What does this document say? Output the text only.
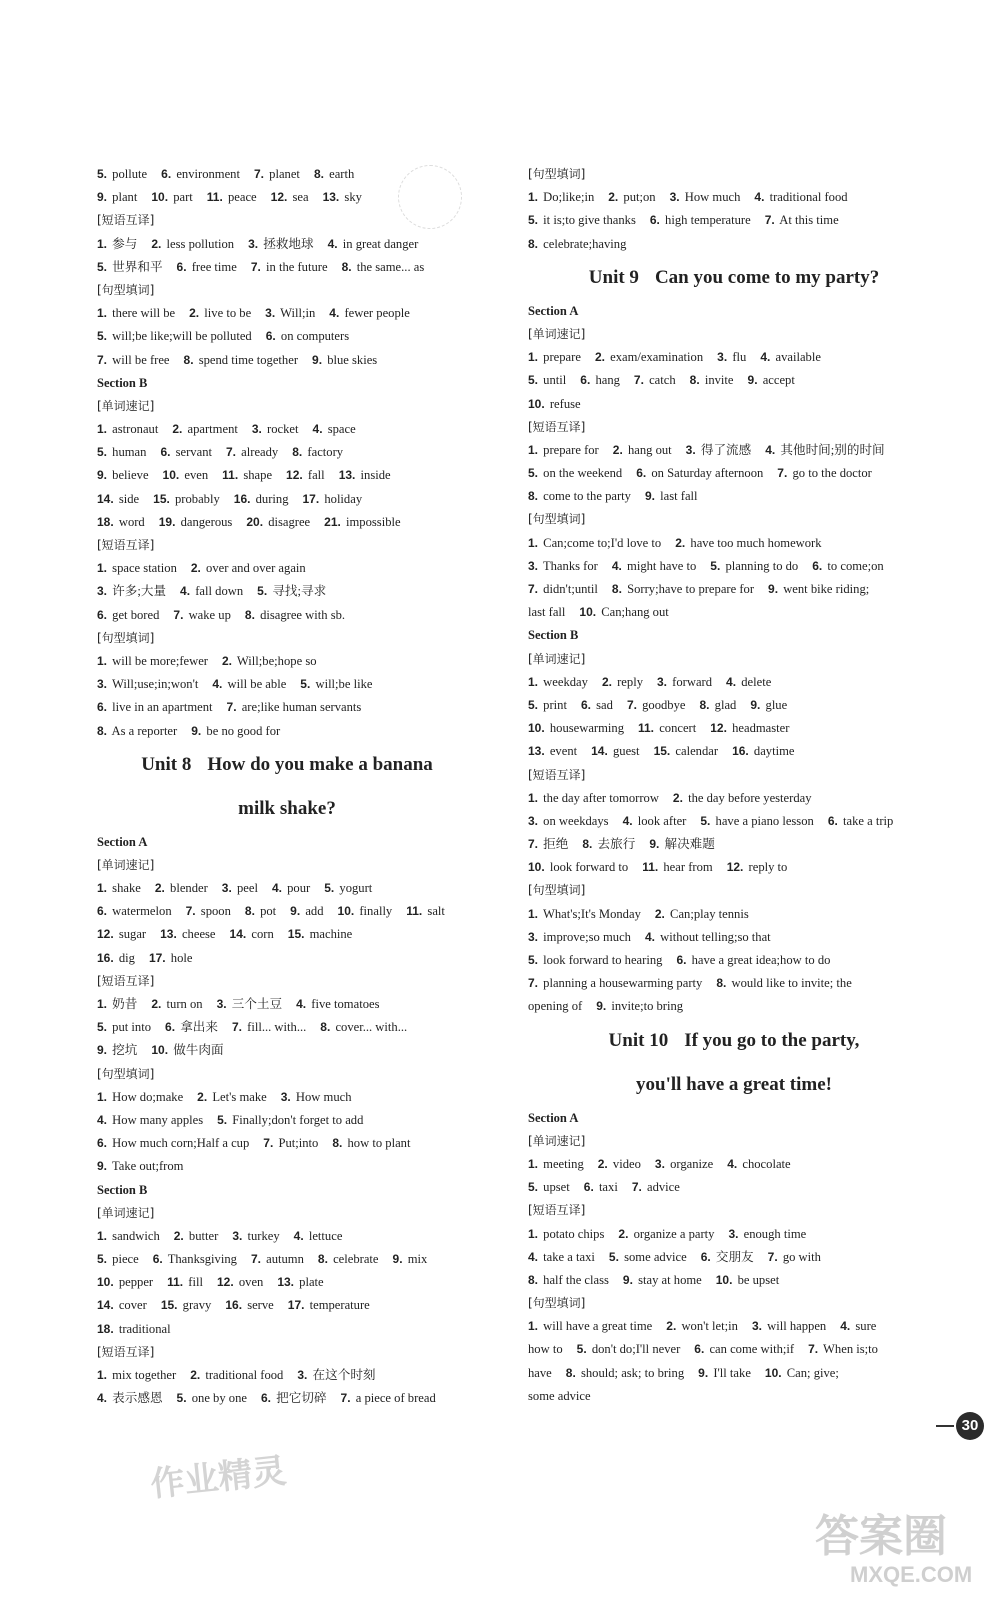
5. pollute 6. environment 7. planet 8. earth
9. plant 10. part 11. peace 12. sea 13. sky
[短语互译]
1. 参与 2. less pollution 3. 拯救地球 4. in great danger
5. 世界和平 6. free time 7. in the future 8. the same... as
[句型填词]
1. there will be 2. live to be 3. Will;in 4. fewer people
5. will;be like;will be polluted 6. on computers
7. will be free 8. spend time together 9. blue skies
Section B
[单词速记]
1. astronaut 2. apartment 3. rocket 4. space
5. human 6. servant 7. already 8. factory
9. believe 10. even 11. shape 12. fall 13. inside
14. side 15. probably 16. during 17. holiday
18. word 19. dangerous 20. disagree 21. impossible
[短语互译]
1. space station 2. over and over again
3. 许多;大量 4. fall down 5. 寻找;寻求
6. get bored 7. wake up 8. disagree with sb.
[句型填词]
1. will be more;fewer 2. Will;be;hope so
3. Will;use;in;won't 4. will be able 5. will;be like
6. live in an apartment 7. are;like human servants
8. As a reporter 9. be no good for
Unit 8 How do you make a banana
milk shake?
Section A
[单词速记]
1. shake 2. blender 3. peel 4. pour 5. yogurt
6. watermelon 7. spoon 8. pot 9. add 10. finally 11. salt
12. sugar 13. cheese 14. corn 15. machine
16. dig 17. hole
[短语互译]
1. 奶昔 2. turn on 3. 三个土豆 4. five tomatoes
5. put into 6. 拿出来 7. fill... with... 8. cover... with...
9. 挖坑 10. 做牛肉面
[句型填词]
1. How do;make 2. Let's make 3. How much
4. How many apples 5. Finally;don't forget to add
6. How much corn;Half a cup 7. Put;into 8. how to plant
9. Take out;from
Section B
[单词速记]
1. sandwich 2. butter 3. turkey 4. lettuce
5. piece 6. Thanksgiving 7. autumn 8. celebrate 9. mix
10. pepper 11. fill 12. oven 13. plate
14. cover 15. gravy 16. serve 17. temperature
18. traditional
[短语互译]
1. mix together 2. traditional food 3. 在这个时刻
4. 表示感恩 5. one by one 6. 把它切碎 7. a piece of bread
[句型填词]
1. Do;like;in 2. put;on 3. How much 4. traditional food
5. it is;to give thanks 6. high temperature 7. At this time
8. celebrate;having
Unit 9 Can you come to my party?
Section A
[单词速记]
1. prepare 2. exam/examination 3. flu 4. available
5. until 6. hang 7. catch 8. invite 9. accept
10. refuse
[短语互译]
1. prepare for 2. hang out 3. 得了流感 4. 其他时间;别的时间
5. on the weekend 6. on Saturday afternoon 7. go to the doctor
8. come to the party 9. last fall
[句型填词]
1. Can;come to;I'd love to 2. have too much homework
3. Thanks for 4. might have to 5. planning to do 6. to come;on
7. didn't;until 8. Sorry;have to prepare for 9. went bike riding;
last fall 10. Can;hang out
Section B
[单词速记]
1. weekday 2. reply 3. forward 4. delete
5. print 6. sad 7. goodbye 8. glad 9. glue
10. housewarming 11. concert 12. headmaster
13. event 14. guest 15. calendar 16. daytime
[短语互译]
1. the day after tomorrow 2. the day before yesterday
3. on weekdays 4. look after 5. have a piano lesson 6. take a trip
7. 拒绝 8. 去旅行 9. 解决难题
10. look forward to 11. hear from 12. reply to
[句型填词]
1. What's;It's Monday 2. Can;play tennis
3. improve;so much 4. without telling;so that
5. look forward to hearing 6. have a great idea;how to do
7. planning a housewarming party 8. would like to invite; the
opening of 9. invite;to bring
Unit 10 If you go to the party,
you'll have a great time!
Section A
[单词速记]
1. meeting 2. video 3. organize 4. chocolate
5. upset 6. taxi 7. advice
[短语互译]
1. potato chips 2. organize a party 3. enough time
4. take a taxi 5. some advice 6. 交朋友 7. go with
8. half the class 9. stay at home 10. be upset
[句型填词]
1. will have a great time 2. won't let;in 3. will happen 4. sure
how to 5. don't do;I'll never 6. can come with;if 7. When is;to
have 8. should; ask; to bring 9. I'll take 10. Can; give;
some advice
30
作业精灵
答案圈
MXQE.COM
